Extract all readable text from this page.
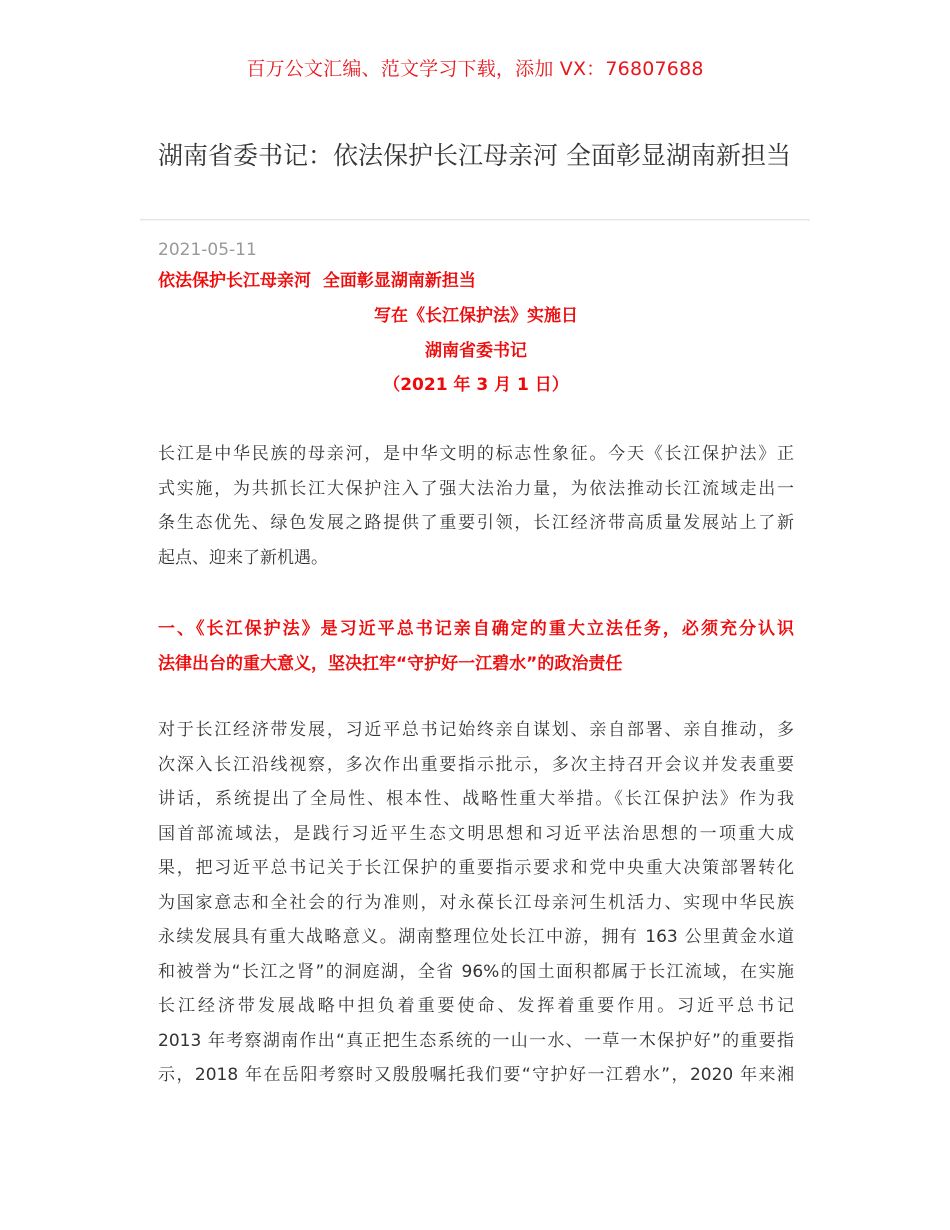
百万公文汇编、范文学习下载，添加 VX：76807688
湖南省委书记：依法保护长江母亲河 全面彰显湖南新担当
2021-05-11
依法保护长江母亲河  全面彰显湖南新担当
写在《长江保护法》实施日
湖南省委书记
（2021 年 3 月 1 日）
长江是中华民族的母亲河，是中华文明的标志性象征。今天《长江保护法》正
式实施，为共抓长江大保护注入了强大法治力量，为依法推动长江流域走出一
条生态优先、绿色发展之路提供了重要引领，长江经济带高质量发展站上了新
起点、迎来了新机遇。
一、《长江保护法》是习近平总书记亲自确定的重大立法任务，必须充分认识
法律出台的重大意义，坚决扛牢“守护好一江碧水”的政治责任
对于长江经济带发展，习近平总书记始终亲自谋划、亲自部署、亲自推动，多
次深入长江沿线视察，多次作出重要指示批示，多次主持召开会议并发表重要
讲话，系统提出了全局性、根本性、战略性重大举措。《长江保护法》作为我
国首部流域法，是践行习近平生态文明思想和习近平法治思想的一项重大成
果，把习近平总书记关于长江保护的重要指示要求和党中央重大决策部署转化
为国家意志和全社会的行为准则，对永葆长江母亲河生机活力、实现中华民族
永续发展具有重大战略意义。湖南整理位处长江中游，拥有 163 公里黄金水道
和被誉为“长江之肾”的洞庭湖，全省 96%的国土面积都属于长江流域，在实施
长江经济带发展战略中担负着重要使命、发挥着重要作用。习近平总书记
2013 年考察湖南作出“真正把生态系统的一山一水、一草一木保护好”的重要指
示，2018 年在岳阳考察时又殷殷嘱托我们要“守护好一江碧水”，2020 年来湘
